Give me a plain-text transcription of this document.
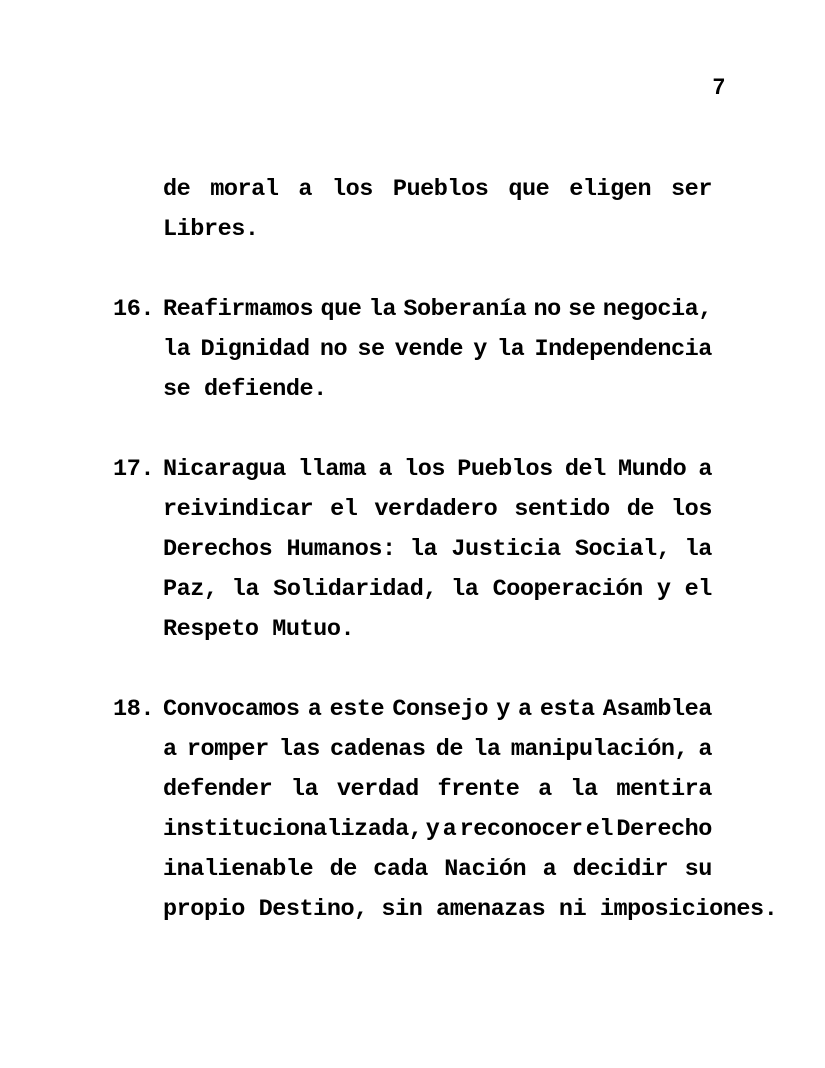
7
de moral a los Pueblos que eligen ser
Libres.
16. Reafirmamos que la Soberanía no se negocia,
la Dignidad no se vende y la Independencia
se defiende.
17. Nicaragua llama a los Pueblos del Mundo a
reivindicar el verdadero sentido de los
Derechos Humanos: la Justicia Social, la
Paz, la Solidaridad, la Cooperación y el
Respeto Mutuo.
18. Convocamos a este Consejo y a esta Asamblea
a romper las cadenas de la manipulación, a
defender la verdad frente a la mentira
institucionalizada, y a reconocer el Derecho
inalienable de cada Nación a decidir su
propio Destino, sin amenazas ni imposiciones.
